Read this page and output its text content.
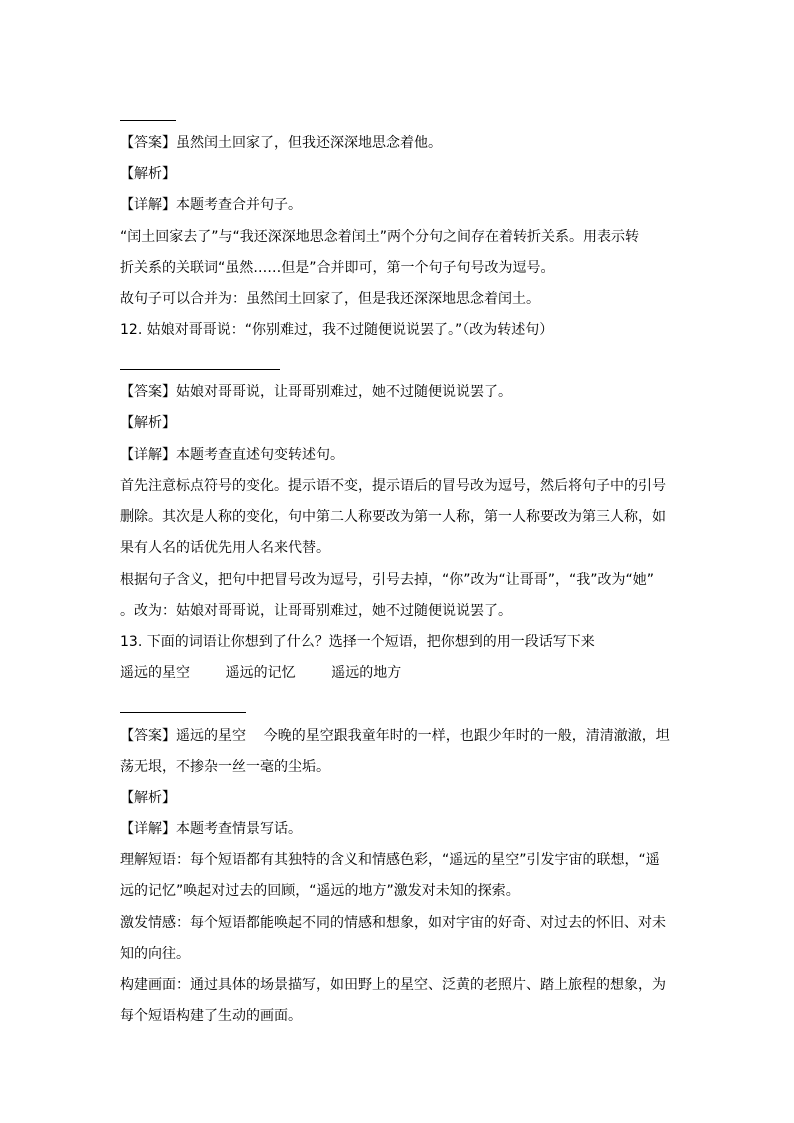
【答案】虽然闰土回家了，但我还深深地思念着他。
【解析】
【详解】本题考查合并句子。
“闰土回家去了”与“我还深深地思念着闰土”两个分句之间存在着转折关系。用表示转
折关系的关联词“虽然……但是”合并即可，第一个句子句号改为逗号。
故句子可以合并为：虽然闰土回家了，但是我还深深地思念着闰土。
12. 姑娘对哥哥说：“你别难过，我不过随便说说罢了。”（改为转述句）
【答案】姑娘对哥哥说，让哥哥别难过，她不过随便说说罢了。
【解析】
【详解】本题考查直述句变转述句。
首先注意标点符号的变化。提示语不变，提示语后的冒号改为逗号，然后将句子中的引号
删除。其次是人称的变化，句中第二人称要改为第一人称，第一人称要改为第三人称，如
果有人名的话优先用人名来代替。
根据句子含义，把句中把冒号改为逗号，引号去掉，“你”改为“让哥哥”，“我”改为“她”
。改为：姑娘对哥哥说，让哥哥别难过，她不过随便说说罢了。
13. 下面的词语让你想到了什么？选择一个短语，把你想到的用一段话写下来
遥远的星空        遥远的记忆        遥远的地方
【答案】遥远的星空    今晚的星空跟我童年时的一样，也跟少年时的一般，清清澈澈，坦
荡无垠，不掺杂一丝一毫的尘垢。
【解析】
【详解】本题考查情景写话。
理解短语：每个短语都有其独特的含义和情感色彩，“遥远的星空”引发宇宙的联想，“遥
远的记忆”唤起对过去的回顾，“遥远的地方”激发对未知的探索。
激发情感：每个短语都能唤起不同的情感和想象，如对宇宙的好奇、对过去的怀旧、对未
知的向往。
构建画面：通过具体的场景描写，如田野上的星空、泛黄的老照片、踏上旅程的想象，为
每个短语构建了生动的画面。
